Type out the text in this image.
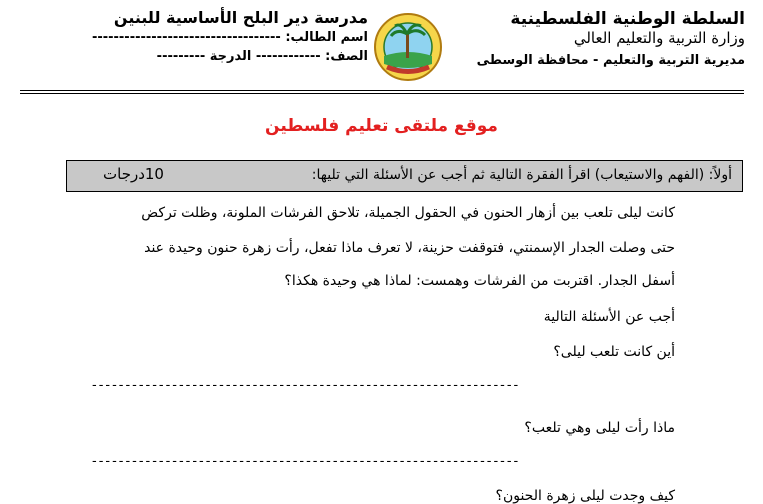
السلطة الوطنية الفلسطينية
وزارة التربية والتعليم العالي
مديرية التربية والتعليم - محافظة الوسطى
مدرسة دير البلح الأساسية للبنين
اسم الطالب: -----------------------------------
الصف: ------------ الدرجة ---------
موقع ملتقى تعليم فلسطين
أولاً: (الفهم والاستيعاب) اقرأ الفقرة التالية ثم أجب عن الأسئلة التي تليها:
10درجات
كانت ليلى تلعب بين أزهار الحنون في الحقول الجميلة، تلاحق الفرشات الملونة، وظلت تركض
حتى وصلت الجدار الإسمنتي، فتوقفت حزينة، لا تعرف ماذا تفعل، رأت زهرة حنون وحيدة عند
أسفل الجدار. اقتربت من الفرشات وهمست: لماذا هي وحيدة هكذا؟
أجب عن الأسئلة التالية
أين كانت تلعب ليلى؟
----------------------------------------------------------------
ماذا رأت ليلى وهي تلعب؟
----------------------------------------------------------------
كيف وجدت ليلى زهرة الحنون؟
